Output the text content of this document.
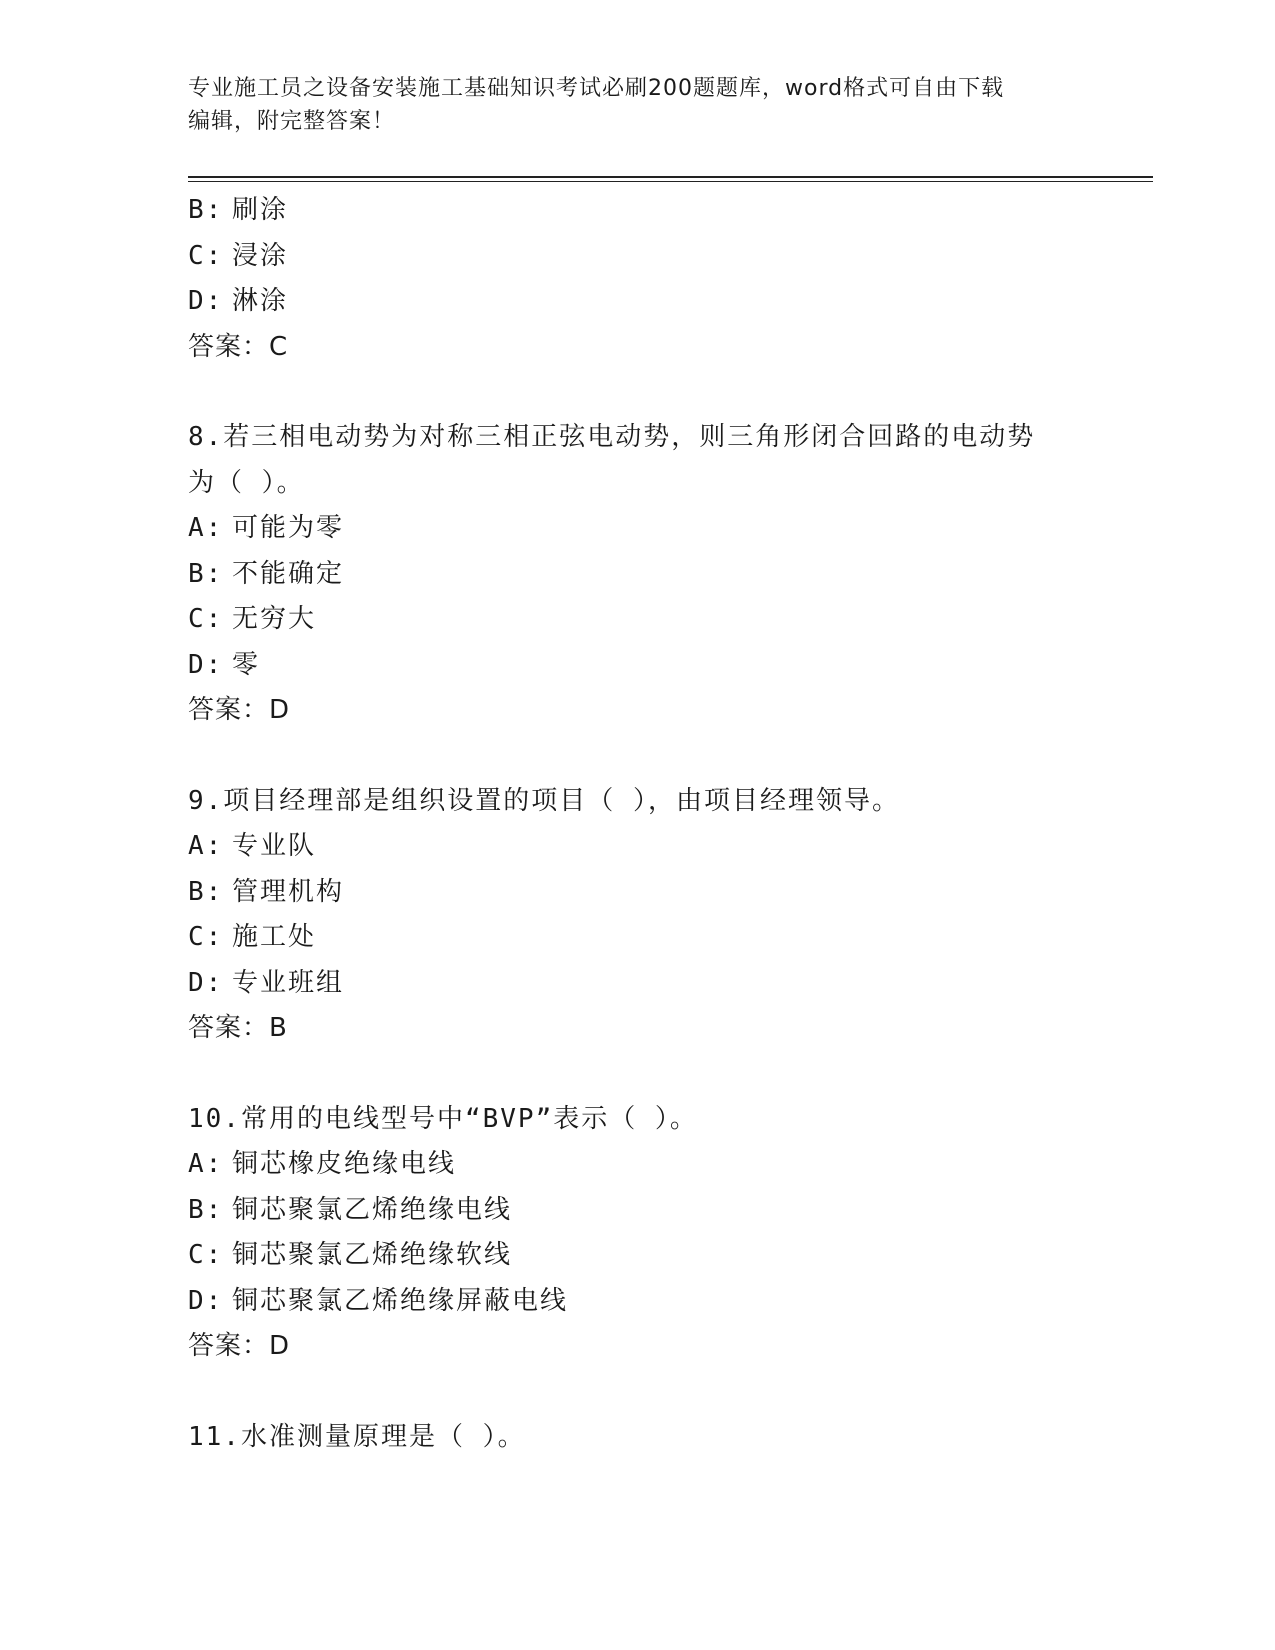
专业施工员之设备安装施工基础知识考试必刷200题题库，word格式可自由下载
编辑，附完整答案！
B: 刷涂
C: 浸涂
D: 淋涂
答案：C
8.若三相电动势为对称三相正弦电动势，则三角形闭合回路的电动势
为（ ）。
A: 可能为零
B: 不能确定
C: 无穷大
D: 零
答案：D
9.项目经理部是组织设置的项目（ ），由项目经理领导。
A: 专业队
B: 管理机构
C: 施工处
D: 专业班组
答案：B
10.常用的电线型号中“BVP”表示（ ）。
A: 铜芯橡皮绝缘电线
B: 铜芯聚氯乙烯绝缘电线
C: 铜芯聚氯乙烯绝缘软线
D: 铜芯聚氯乙烯绝缘屏蔽电线
答案：D
11.水准测量原理是（ ）。
